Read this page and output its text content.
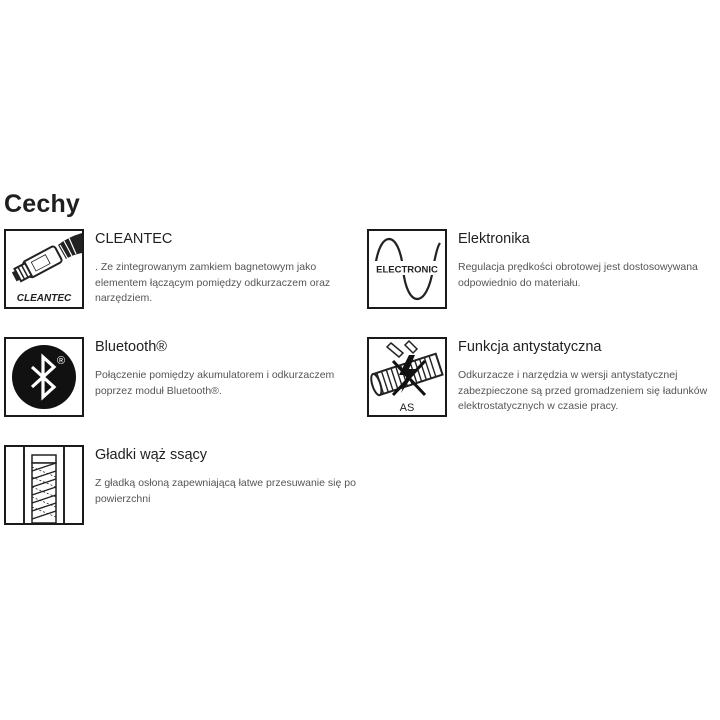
Cechy
CLEANTEC
CLEANTEC
. Ze zintegrowanym zamkiem bagnetowym jako elementem łączącym pomiędzy odkurzaczem oraz narzędziem.
ELECTRONIC
Elektronika
Regulacja prędkości obrotowej jest dostosowywana odpowiednio do materiału.
®
Bluetooth®
Połączenie pomiędzy akumulatorem i odkurzaczem poprzez moduł Bluetooth®.
AS
Funkcja antystatyczna
Odkurzacze i narzędzia w wersji antystatycznej zabezpieczone są przed gromadzeniem się ładunków elektrostatycznych w czasie pracy.
Gładki wąż ssący
Z gładką osłoną zapewniającą łatwe przesuwanie się po powierzchni
